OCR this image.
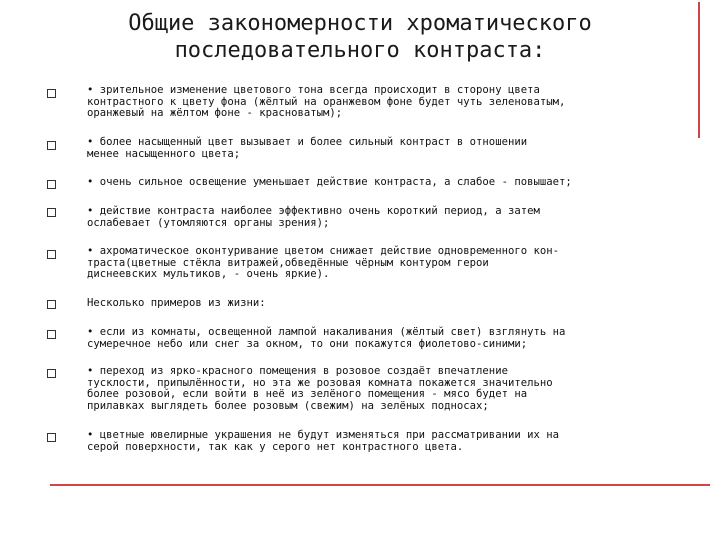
Общие закономерности хроматического
последовательного контраста:
• зрительное изменение цветового тона всегда происходит в сторону цвета
контрастного к цвету фона (жёлтый на оранжевом фоне будет чуть зеленоватым,
оранжевый на жёлтом фоне - красноватым);
• более насыщенный цвет вызывает и более сильный контраст в отношении
менее насыщенного цвета;
• очень сильное освещение уменьшает действие контраста, а слабое - повышает;
• действие контраста наиболее эффективно очень короткий период, а затем
ослабевает (утомляются органы зрения);
• ахроматическое оконтуривание цветом снижает действие одновременного кон-
траста(цветные стёкла витражей,обведённые чёрным контуром герои
диснеевских мультиков, - очень яркие).
Несколько примеров из жизни:
• если из комнаты, освещенной лампой накаливания (жёлтый свет) взглянуть на
сумеречное небо или снег за окном, то они покажутся фиолетово-синими;
• переход из ярко-красного помещения в розовое создаёт впечатление
тусклости, припылённости, но эта же розовая комната покажется значительно
более розовой, если войти в неё из зелёного помещения - мясо будет на
прилавках выглядеть более розовым (свежим) на зелёных подносах;
• цветные ювелирные украшения не будут изменяться при рассматривании их на
серой поверхности, так как у серого нет контрастного цвета.
